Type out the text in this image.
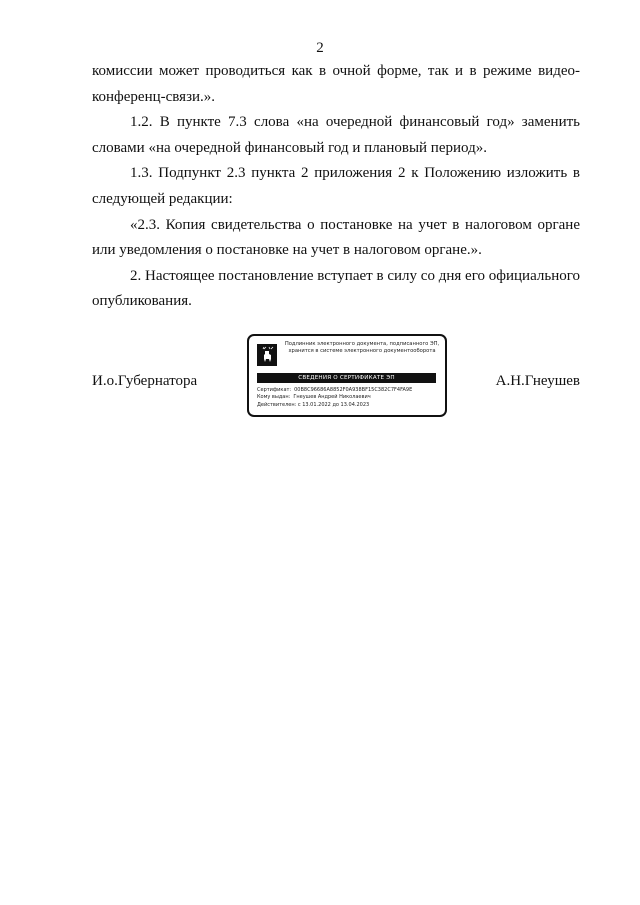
2

комиссии может проводиться как в очной форме, так и в режиме видео-конференц-связи.».

1.2. В пункте 7.3 слова «на очередной финансовый год» заменить словами «на очередной финансовый год и плановый период».

1.3. Подпункт 2.3 пункта 2 приложения 2 к Положению изложить в следующей редакции:

«2.3. Копия свидетельства о постановке на учет в налоговом органе или уведомления о постановке на учет в налоговом органе.».

2. Настоящее постановление вступает в силу со дня его официального опубликования.

И.о.Губернатора
Подлинник электронного документа, подписанного ЭП, хранится в системе электронного документооборота
СВЕДЕНИЯ О СЕРТИФИКАТЕ ЭП
Сертификат: 00B8C96686A8852F0A938BF15C382C7F4FA9E
Кому выдан: Гнеушев Андрей Николаевич
Действителен: с 13.01.2022 до 13.04.2023
А.Н.Гнеушев
